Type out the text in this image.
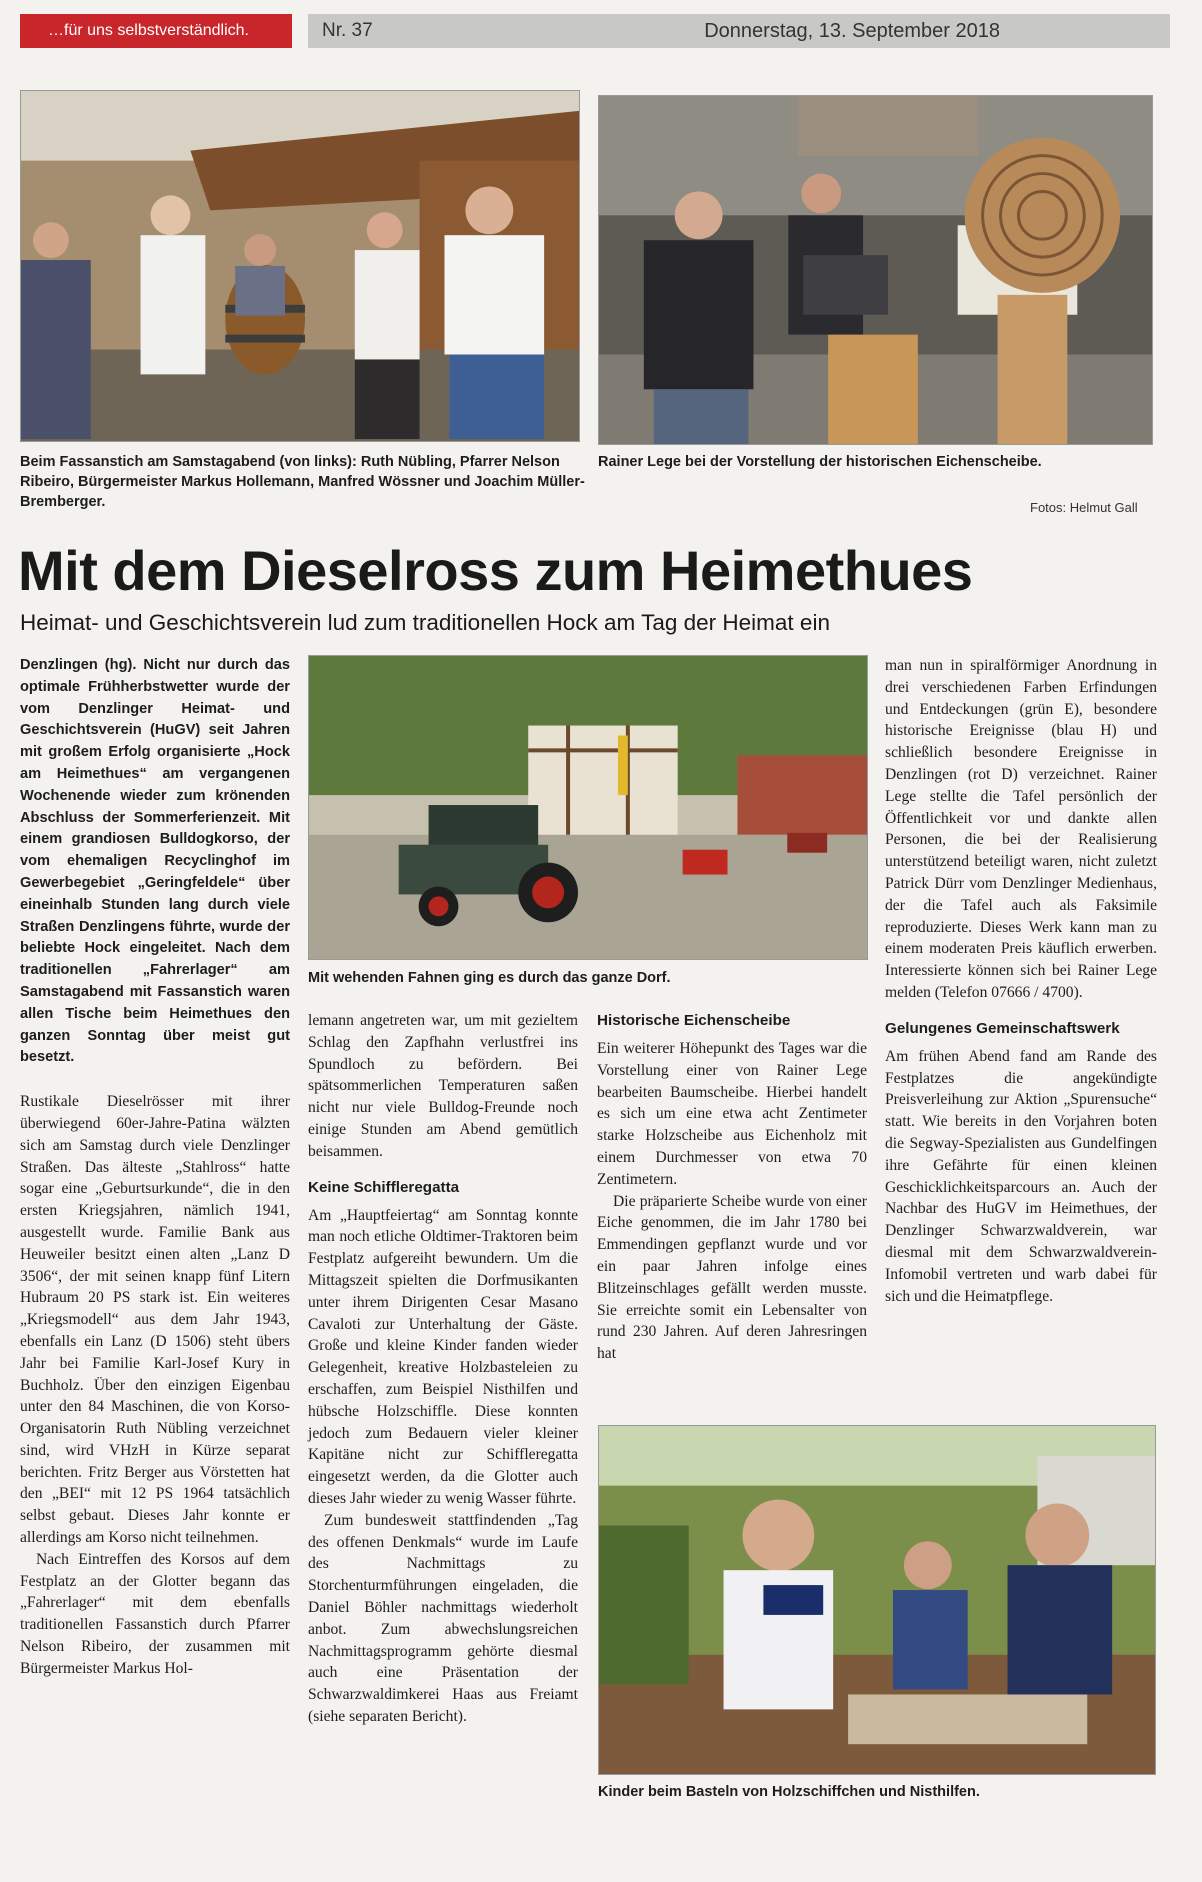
…für uns selbstverständlich.	Nr. 37	Donnerstag, 13. September 2018
Beim Fassanstich am Samstagabend (von links): Ruth Nübling, Pfarrer Nelson Ribeiro, Bürgermeister Markus Hollemann, Manfred Wössner und Joachim Müller-Bremberger.
Rainer Lege bei der Vorstellung der historischen Eichenscheibe.
Fotos: Helmut Gall
Mit dem Dieselross zum Heimethues
Heimat- und Geschichtsverein lud zum traditionellen Hock am Tag der Heimat ein

Denzlingen (hg). Nicht nur durch das optimale Frühherbstwetter wurde der vom Denzlinger Heimat- und Geschichtsverein (HuGV) seit Jahren mit großem Erfolg organisierte „Hock am Heimethues“ am vergangenen Wochenende wieder zum krönenden Abschluss der Sommerferienzeit. Mit einem grandiosen Bulldogkorso, der vom ehemaligen Recyclinghof im Gewerbegebiet „Geringfeldele“ über eineinhalb Stunden lang durch viele Straßen Denzlingens führte, wurde der beliebte Hock eingeleitet. Nach dem traditionellen „Fahrerlager“ am Samstagabend mit Fassanstich waren allen Tische beim Heimethues den ganzen Sonntag über meist gut besetzt.

Rustikale Dieselrösser mit ihrer überwiegend 60er-Jahre-Patina wälzten sich am Samstag durch viele Denzlinger Straßen. Das älteste „Stahlross“ hatte sogar eine „Geburtsurkunde“, die in den ersten Kriegsjahren, nämlich 1941, ausgestellt wurde. Familie Bank aus Heuweiler besitzt einen alten „Lanz D 3506“, der mit seinen knapp fünf Litern Hubraum 20 PS stark ist. Ein weiteres „Kriegsmodell“ aus dem Jahr 1943, ebenfalls ein Lanz (D 1506) steht übers Jahr bei Familie Karl-Josef Kury in Buchholz. Über den einzigen Eigenbau unter den 84 Maschinen, die von Korso-Organisatorin Ruth Nübling verzeichnet sind, wird VHzH in Kürze separat berichten. Fritz Berger aus Vörstetten hat den „BEI“ mit 12 PS 1964 tatsächlich selbst gebaut. Dieses Jahr konnte er allerdings am Korso nicht teilnehmen.

Nach Eintreffen des Korsos auf dem Festplatz an der Glotter begann das „Fahrerlager“ mit dem ebenfalls traditionellen Fassanstich durch Pfarrer Nelson Ribeiro, der zusammen mit Bürgermeister Markus Hol-

Mit wehenden Fahnen ging es durch das ganze Dorf.

lemann angetreten war, um mit gezieltem Schlag den Zapfhahn verlustfrei ins Spundloch zu befördern. Bei spätsommerlichen Temperaturen saßen nicht nur viele Bulldog-Freunde noch einige Stunden am Abend gemütlich beisammen.

Keine Schiffleregatta

Am „Hauptfeiertag“ am Sonntag konnte man noch etliche Oldtimer-Traktoren beim Festplatz aufgereiht bewundern. Um die Mittagszeit spielten die Dorfmusikanten unter ihrem Dirigenten Cesar Masano Cavaloti zur Unterhaltung der Gäste. Große und kleine Kinder fanden wieder Gelegenheit, kreative Holzbasteleien zu erschaffen, zum Beispiel Nisthilfen und hübsche Holzschiffle. Diese konnten jedoch zum Bedauern vieler kleiner Kapitäne nicht zur Schiffleregatta eingesetzt werden, da die Glotter auch dieses Jahr wieder zu wenig Wasser führte.

Zum bundesweit stattfindenden „Tag des offenen Denkmals“ wurde im Laufe des Nachmittags zu Storchenturmführungen eingeladen, die Daniel Böhler nachmittags wiederholt anbot. Zum abwechslungsreichen Nachmittagsprogramm gehörte diesmal auch eine Präsentation der Schwarzwaldimkerei Haas aus Freiamt (siehe separaten Bericht).

Historische Eichenscheibe

Ein weiterer Höhepunkt des Tages war die Vorstellung einer von Rainer Lege bearbeiten Baumscheibe. Hierbei handelt es sich um eine etwa acht Zentimeter starke Holzscheibe aus Eichenholz mit einem Durchmesser von etwa 70 Zentimetern.

Die präparierte Scheibe wurde von einer Eiche genommen, die im Jahr 1780 bei Emmendingen gepflanzt wurde und vor ein paar Jahren infolge eines Blitzeinschlages gefällt werden musste. Sie erreichte somit ein Lebensalter von rund 230 Jahren. Auf deren Jahresringen hat

man nun in spiralförmiger Anordnung in drei verschiedenen Farben Erfindungen und Entdeckungen (grün E), besondere historische Ereignisse (blau H) und schließlich besondere Ereignisse in Denzlingen (rot D) verzeichnet. Rainer Lege stellte die Tafel persönlich der Öffentlichkeit vor und dankte allen Personen, die bei der Realisierung unterstützend beteiligt waren, nicht zuletzt Patrick Dürr vom Denzlinger Medienhaus, der die Tafel auch als Faksimile reproduzierte. Dieses Werk kann man zu einem moderaten Preis käuflich erwerben. Interessierte können sich bei Rainer Lege melden (Telefon 07666 / 4700).

Gelungenes Gemeinschaftswerk

Am frühen Abend fand am Rande des Festplatzes die angekündigte Preisverleihung zur Aktion „Spurensuche“ statt. Wie bereits in den Vorjahren boten die Segway-Spezialisten aus Gundelfingen ihre Gefährte für einen kleinen Geschicklichkeitsparcours an. Auch der Nachbar des HuGV im Heimethues, der Denzlinger Schwarzwaldverein, war diesmal mit dem Schwarzwaldverein-Infomobil vertreten und warb dabei für sich und die Heimatpflege.

Kinder beim Basteln von Holzschiffchen und Nisthilfen.
